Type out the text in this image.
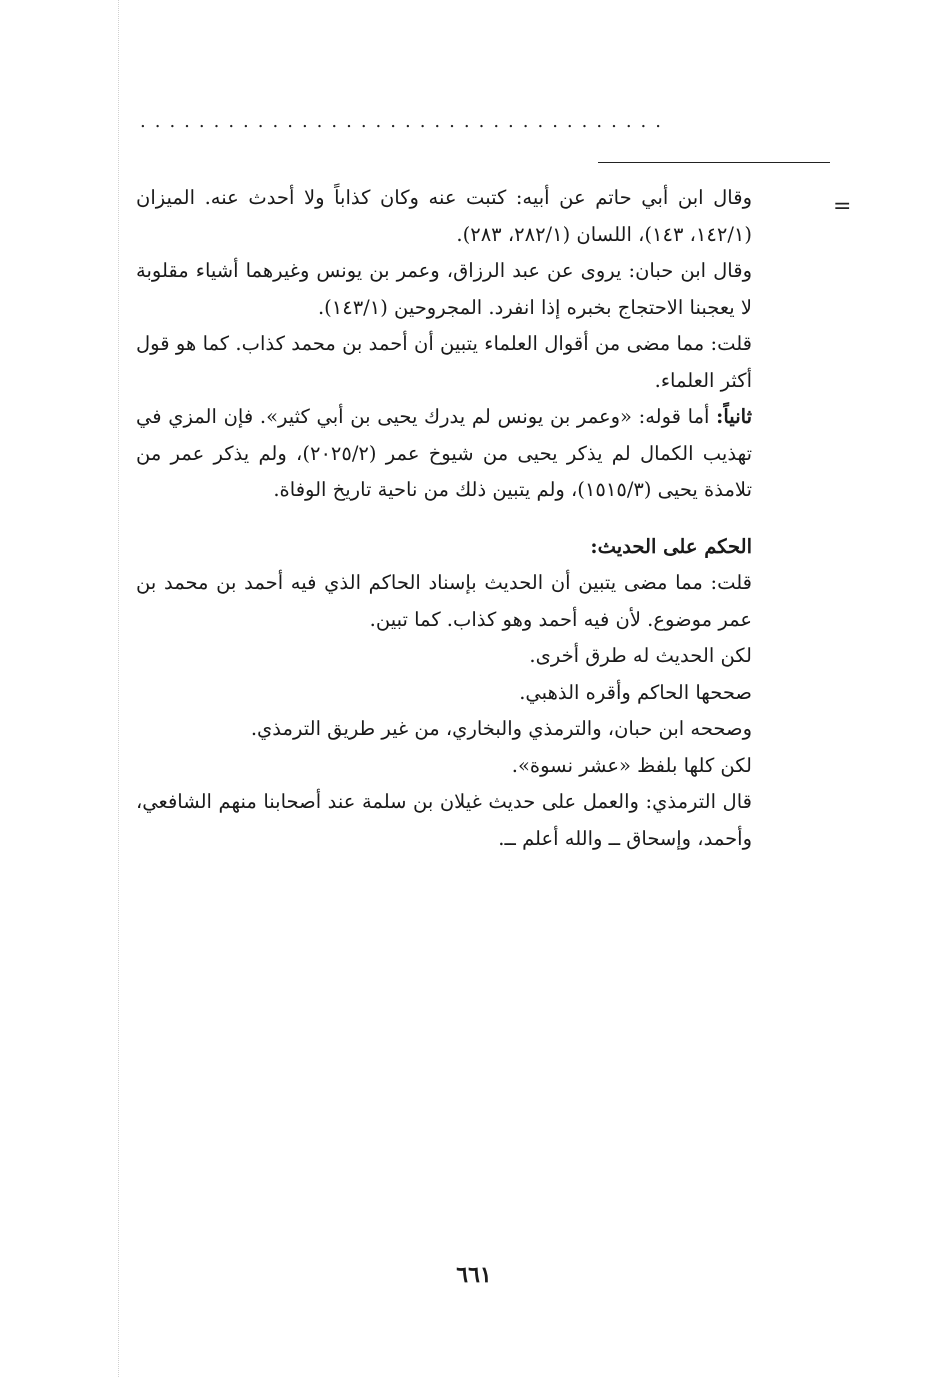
....................................
=

وقال ابن أبي حاتم عن أبيه: كتبت عنه وكان كذاباً ولا أحدث عنه. الميزان (١٤٢/١، ١٤٣)، اللسان (٢٨٢/١، ٢٨٣).

وقال ابن حبان: يروى عن عبد الرزاق، وعمر بن يونس وغيرهما أشياء مقلوبة لا يعجبنا الاحتجاج بخبره إذا انفرد. المجروحين (١٤٣/١).

قلت: مما مضى من أقوال العلماء يتبين أن أحمد بن محمد كذاب. كما هو قول أكثر العلماء.

ثانياً: أما قوله: «وعمر بن يونس لم يدرك يحيى بن أبي كثير». فإن المزي في تهذيب الكمال لم يذكر يحيى من شيوخ عمر (٢٠٢٥/٢)، ولم يذكر عمر من تلامذة يحيى (١٥١٥/٣)، ولم يتبين ذلك من ناحية تاريخ الوفاة.

الحكم على الحديث:

قلت: مما مضى يتبين أن الحديث بإسناد الحاكم الذي فيه أحمد بن محمد بن عمر موضوع. لأن فيه أحمد وهو كذاب. كما تبين.

لكن الحديث له طرق أخرى.

صححها الحاكم وأقره الذهبي.

وصححه ابن حبان، والترمذي والبخاري، من غير طريق الترمذي.

لكن كلها بلفظ «عشر نسوة».

قال الترمذي: والعمل على حديث غيلان بن سلمة عند أصحابنا منهم الشافعي، وأحمد، وإسحاق ــ والله أعلم ــ.

٦٦١
